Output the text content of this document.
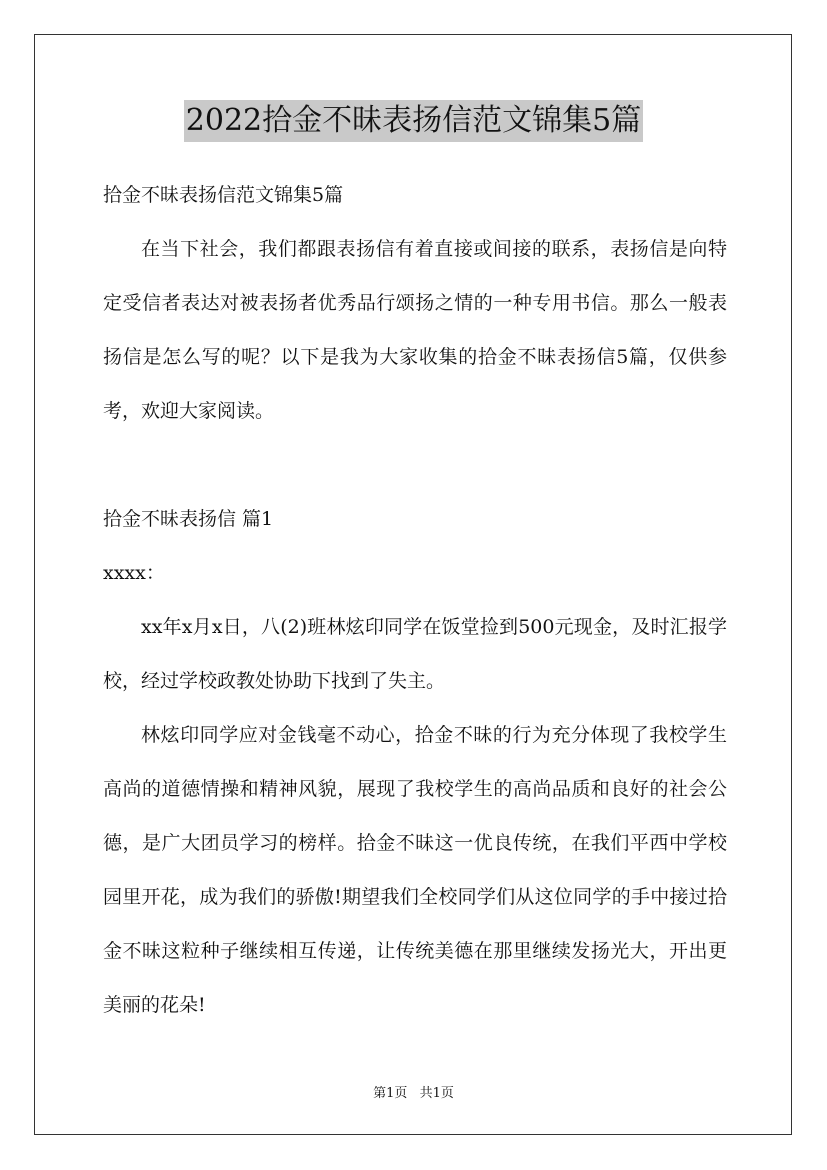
2022拾金不昧表扬信范文锦集5篇

拾金不昧表扬信范文锦集5篇

在当下社会，我们都跟表扬信有着直接或间接的联系，表扬信是向特定受信者表达对被表扬者优秀品行颂扬之情的一种专用书信。那么一般表扬信是怎么写的呢？以下是我为大家收集的拾金不昧表扬信5篇，仅供参考，欢迎大家阅读。

拾金不昧表扬信 篇1

xxxx：

xx年x月x日，八(2)班林炫印同学在饭堂捡到500元现金，及时汇报学校，经过学校政教处协助下找到了失主。

林炫印同学应对金钱毫不动心，拾金不昧的行为充分体现了我校学生高尚的道德情操和精神风貌，展现了我校学生的高尚品质和良好的社会公德，是广大团员学习的榜样。拾金不昧这一优良传统，在我们平西中学校园里开花，成为我们的骄傲!期望我们全校同学们从这位同学的手中接过拾金不昧这粒种子继续相互传递，让传统美德在那里继续发扬光大，开出更美丽的花朵!

第1页 共1页
